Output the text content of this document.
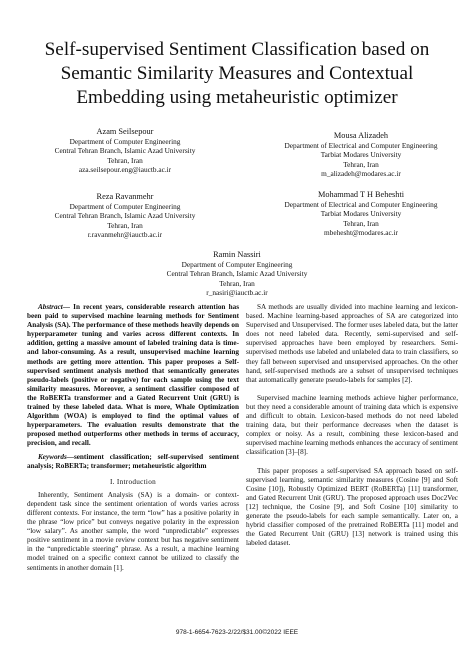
Self-supervised Sentiment Classification based on
Semantic Similarity Measures and Contextual
Embedding using metaheuristic optimizer
Azam Seilsepour
Department of Computer Engineering
Central Tehran Branch, Islamic Azad University
Tehran, Iran
aza.seilsepour.eng@iauctb.ac.ir
Mousa Alizadeh
Department of Electrical and Computer Engineering
Tarbiat Modares University
Tehran, Iran
m_alizadeh@modares.ac.ir
Reza Ravanmehr
Department of Computer Engineering
Central Tehran Branch, Islamic Azad University
Tehran, Iran
r.ravanmehr@iauctb.ac.ir
Mohammad T H Beheshti
Department of Electrical and Computer Engineering
Tarbiat Modares University
Tehran, Iran
mbehesht@modares.ac.ir
Ramin Nassiri
Department of Computer Engineering
Central Tehran Branch, Islamic Azad University
Tehran, Iran
r_nasiri@iauctb.ac.ir

Abstract— In recent years, considerable research attention has been paid to supervised machine learning methods for Sentiment Analysis (SA). The performance of these methods heavily depends on hyperparameter tuning and varies across different contexts. In addition, getting a massive amount of labeled training data is time- and labor-consuming. As a result, unsupervised machine learning methods are getting more attention. This paper proposes a Self-supervised sentiment analysis method that semantically generates pseudo-labels (positive or negative) for each sample using the text similarity measures. Moreover, a sentiment classifier composed of the RoBERTa transformer and a Gated Recurrent Unit (GRU) is trained by these labeled data. What is more, Whale Optimization Algorithm (WOA) is employed to find the optimal values of hyperparameters. The evaluation results demonstrate that the proposed method outperforms other methods in terms of accuracy, precision, and recall.

Keywords—sentiment classification; self-supervised sentiment analysis; RoBERTa; transformer; metaheuristic algorithm

I. Introduction

Inherently, Sentiment Analysis (SA) is a domain- or context-dependent task since the sentiment orientation of words varies across different contexts. For instance, the term “low” has a positive polarity in the phrase “low price” but conveys negative polarity in the expression “low salary”. As another sample, the word “unpredictable” expresses positive sentiment in a movie review context but has negative sentiment in the “unpredictable steering” phrase. As a result, a machine learning model trained on a specific context cannot be utilized to classify the sentiments in another domain [1].

SA methods are usually divided into machine learning and lexicon-based. Machine learning-based approaches of SA are categorized into Supervised and Unsupervised. The former uses labeled data, but the latter does not need labeled data. Recently, semi-supervised and self-supervised approaches have been employed by researchers. Semi-supervised methods use labeled and unlabeled data to train classifiers, so they fall between supervised and unsupervised approaches. On the other hand, self-supervised methods are a subset of unsupervised techniques that automatically generate pseudo-labels for samples [2].

Supervised machine learning methods achieve higher performance, but they need a considerable amount of training data which is expensive and difficult to obtain. Lexicon-based methods do not need labeled training data, but their performance decreases when the dataset is complex or noisy. As a result, combining these lexicon-based and supervised machine learning methods enhances the accuracy of sentiment classification [3]–[8].

This paper proposes a self-supervised SA approach based on self-supervised learning, semantic similarity measures (Cosine [9] and Soft Cosine [10]), Robustly Optimized BERT (RoBERTa) [11] transformer, and Gated Recurrent Unit (GRU). The proposed approach uses Doc2Vec [12] technique, the Cosine [9], and Soft Cosine [10] similarity to generate the pseudo-labels for each sample semantically. Later on, a hybrid classifier composed of the pretrained RoBERTa [11] model and the Gated Recurrent Unit (GRU) [13] network is trained using this labeled dataset.

978-1-6654-7623-2/22/$31.00©2022 IEEE
